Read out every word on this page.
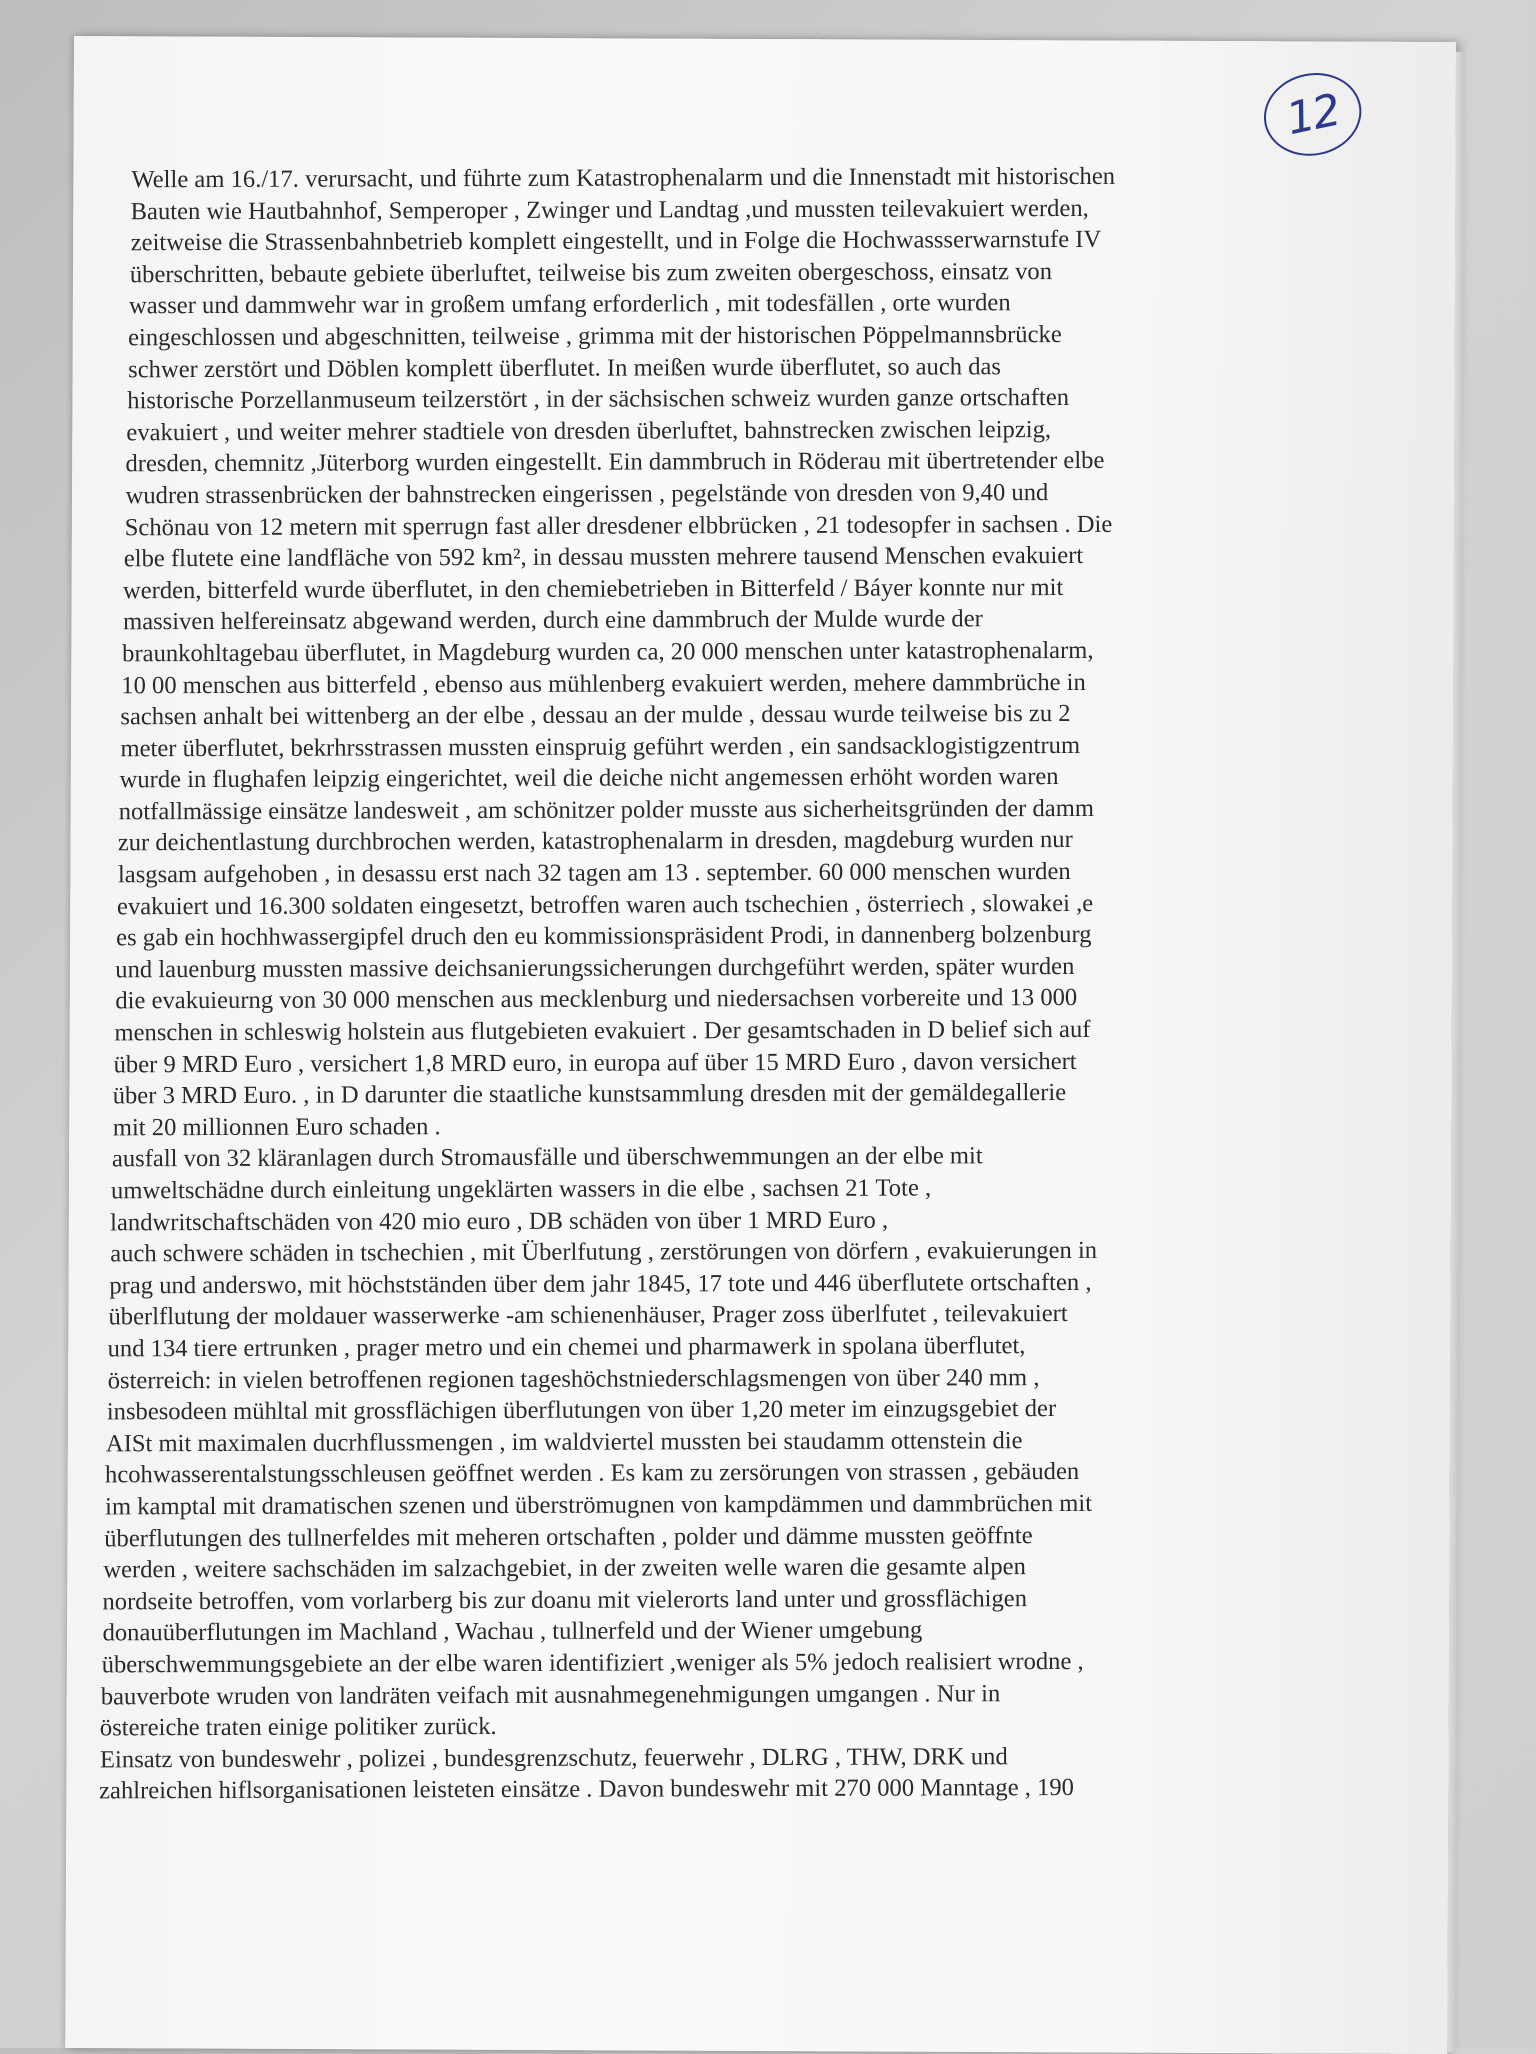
12
Welle am 16./17. verursacht, und führte zum Katastrophenalarm und die Innenstadt mit historischen
Bauten wie Hautbahnhof, Semperoper , Zwinger und Landtag ,und mussten teilevakuiert werden,
zeitweise die Strassenbahnbetrieb komplett eingestellt, und in Folge die Hochwassserwarnstufe IV
überschritten, bebaute gebiete überluftet, teilweise bis zum zweiten obergeschoss, einsatz von
wasser und dammwehr war in großem umfang erforderlich , mit todesfällen , orte wurden
eingeschlossen und abgeschnitten, teilweise , grimma mit der historischen Pöppelmannsbrücke
schwer zerstört und Döblen komplett überflutet. In meißen wurde überflutet, so auch das
historische Porzellanmuseum teilzerstört , in der sächsischen schweiz wurden ganze ortschaften
evakuiert , und weiter mehrer stadtiele von dresden überluftet, bahnstrecken zwischen leipzig,
dresden, chemnitz ,Jüterborg wurden eingestellt. Ein dammbruch in Röderau mit übertretender elbe
wudren strassenbrücken der bahnstrecken eingerissen , pegelstände von dresden von 9,40 und
Schönau von 12 metern mit sperrugn fast aller dresdener elbbrücken , 21 todesopfer in sachsen . Die
elbe flutete eine landfläche von 592 km², in dessau mussten mehrere tausend Menschen evakuiert
werden, bitterfeld wurde überflutet, in den chemiebetrieben in Bitterfeld / Báyer konnte nur mit
massiven helfereinsatz abgewand werden, durch eine dammbruch der Mulde wurde der
braunkohltagebau überflutet, in Magdeburg wurden ca, 20 000 menschen unter katastrophenalarm,
10 00 menschen aus bitterfeld , ebenso aus mühlenberg evakuiert werden, mehere dammbrüche in
sachsen anhalt bei wittenberg an der elbe , dessau an der mulde , dessau wurde teilweise bis zu 2
meter überflutet, bekrhrsstrassen mussten einspruig geführt werden , ein sandsacklogistigzentrum
wurde in flughafen leipzig eingerichtet, weil die deiche nicht angemessen erhöht worden waren
notfallmässige einsätze landesweit , am schönitzer polder musste aus sicherheitsgründen der damm
zur deichentlastung durchbrochen werden, katastrophenalarm in dresden, magdeburg wurden nur
lasgsam aufgehoben , in desassu erst nach 32 tagen am 13 . september. 60 000 menschen wurden
evakuiert und 16.300 soldaten eingesetzt, betroffen waren auch tschechien , österriech , slowakei ,e
es gab ein hochhwassergipfel druch den eu kommissionspräsident Prodi, in dannenberg bolzenburg
und lauenburg mussten massive deichsanierungssicherungen durchgeführt werden, später wurden
die evakuieurng von 30 000 menschen aus mecklenburg und niedersachsen vorbereite und 13 000
menschen in schleswig holstein aus flutgebieten evakuiert . Der gesamtschaden in D belief sich auf
über 9 MRD Euro , versichert 1,8 MRD euro, in europa auf über 15 MRD Euro , davon versichert
über 3 MRD Euro. , in D darunter die staatliche kunstsammlung dresden mit der gemäldegallerie
mit 20 millionnen Euro schaden .
ausfall von 32 kläranlagen durch Stromausfälle und überschwemmungen an der elbe mit
umweltschädne durch einleitung ungeklärten wassers in die elbe , sachsen 21 Tote ,
landwritschaftschäden von 420 mio euro , DB schäden von über 1 MRD Euro ,
auch schwere schäden in tschechien , mit Überlfutung , zerstörungen von dörfern , evakuierungen in
prag und anderswo, mit höchstständen über dem jahr 1845, 17 tote und 446 überflutete ortschaften ,
überlflutung der moldauer wasserwerke -am schienenhäuser, Prager zoss überlfutet , teilevakuiert
und 134 tiere ertrunken , prager metro und ein chemei und pharmawerk in spolana überflutet,
österreich: in vielen betroffenen regionen tageshöchstniederschlagsmengen von über 240 mm ,
insbesodeen mühltal mit grossflächigen überflutungen von über 1,20 meter im einzugsgebiet der
AISt mit maximalen ducrhflussmengen , im waldviertel mussten bei staudamm ottenstein die
hcohwasserentalstungsschleusen geöffnet werden . Es kam zu zersörungen von strassen , gebäuden
im kamptal mit dramatischen szenen und überströmugnen von kampdämmen und dammbrüchen mit
überflutungen des tullnerfeldes mit meheren ortschaften , polder und dämme mussten geöffnte
werden , weitere sachschäden im salzachgebiet, in der zweiten welle waren die gesamte alpen
nordseite betroffen, vom vorlarberg bis zur doanu mit vielerorts land unter und grossflächigen
donauüberflutungen im Machland , Wachau , tullnerfeld und der Wiener umgebung
überschwemmungsgebiete an der elbe waren identifiziert ,weniger als 5% jedoch realisiert wrodne ,
bauverbote wruden von landräten veifach mit ausnahmegenehmigungen umgangen . Nur in
östereiche traten einige politiker zurück.
Einsatz von bundeswehr , polizei , bundesgrenzschutz, feuerwehr , DLRG , THW, DRK und
zahlreichen hiflsorganisationen leisteten einsätze . Davon bundeswehr mit 270 000 Manntage , 190
